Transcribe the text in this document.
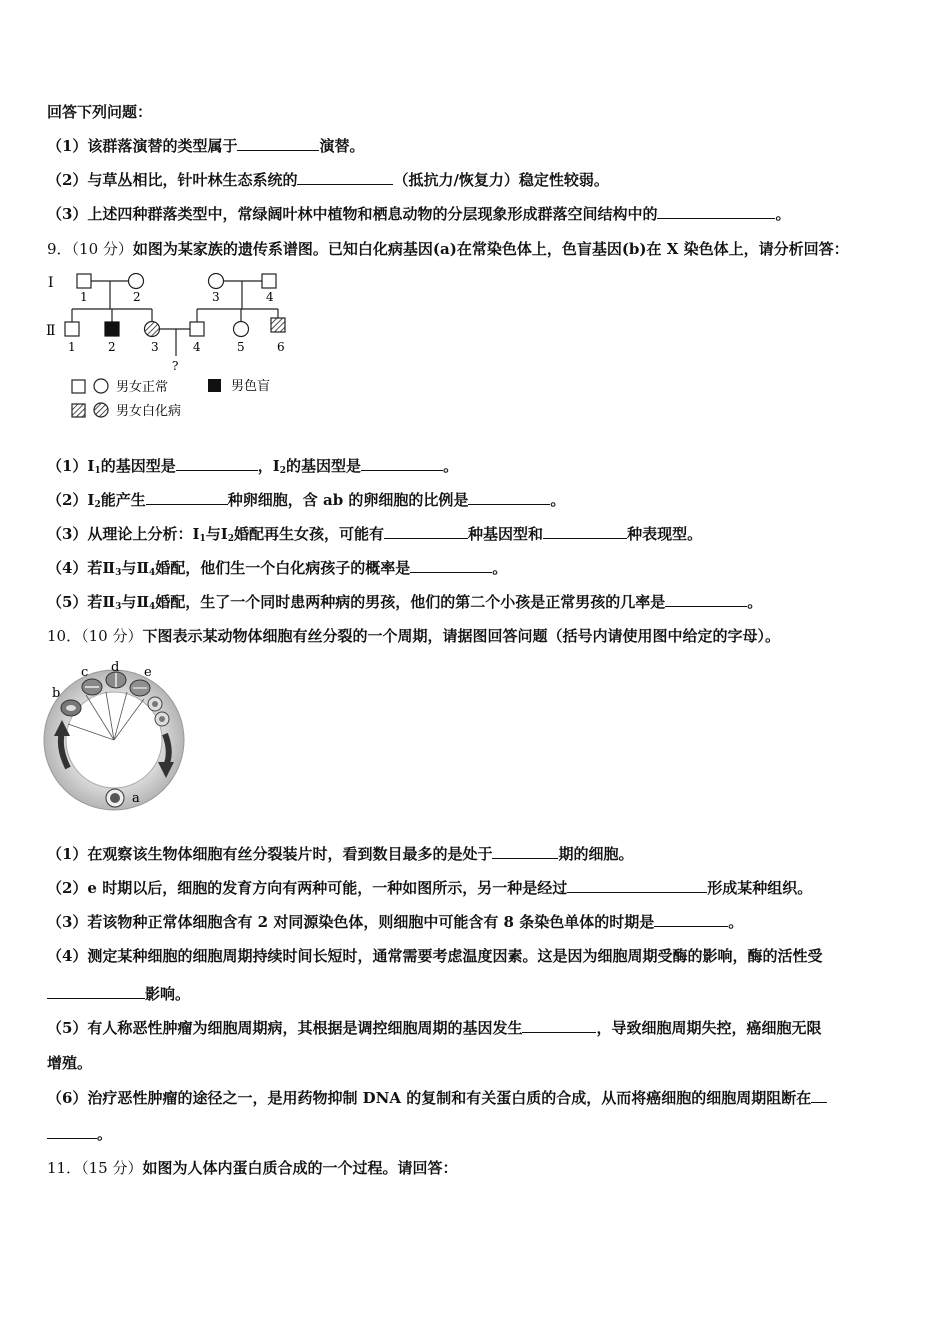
回答下列问题：
（1）该群落演替的类型属于	演替。
（2）与草丛相比，针叶林生态系统的	（抵抗力/恢复力）稳定性较弱。
（3）上述四种群落类型中，常绿阔叶林中植物和栖息动物的分层现象形成群落空间结构中的	。
9．（10 分）如图为某家族的遗传系谱图。已知白化病基因(a)在常染色体上，色盲基因(b)在 X 染色体上，请分析回答：
Ⅰ
Ⅱ
1	2	3	4
1	2	3	4	5	6
?
男女正常	男色盲
男女白化病
$(1)Ⅰ_1$的基因型是	，$Ⅰ_2$的基因型是	。
$(2)Ⅰ_2$能产生	种卵细胞，含 ab 的卵细胞的比例是	。
（3）从理论上分析：$Ⅰ_1$与$Ⅰ_2$婚配再生女孩，可能有	种基因型和	种表现型。
（4）若$Ⅱ_3$与$Ⅱ_4$婚配，他们生一个白化病孩子的概率是	。
（5）若$Ⅱ_3$与$Ⅱ_4$婚配，生了一个同时患两种病的男孩，他们的第二个小孩是正常男孩的几率是	。
10．（10 分）下图表示某动物体细胞有丝分裂的一个周期，请据图回答问题（括号内请使用图中给定的字母）。
b
c d e
a
（1）在观察该生物体细胞有丝分裂装片时，看到数目最多的是处于	期的细胞。
（2）e 时期以后，细胞的发育方向有两种可能，一种如图所示，另一种是经过	形成某种组织。
（3）若该物种正常体细胞含有 2 对同源染色体，则细胞中可能含有 8 条染色单体的时期是	。
（4）测定某种细胞的细胞周期持续时间长短时，通常需要考虑温度因素。这是因为细胞周期受酶的影响，酶的活性受
影响。
（5）有人称恶性肿瘤为细胞周期病，其根据是调控细胞周期的基因发生	，导致细胞周期失控，癌细胞无限
增殖。
（6）治疗恶性肿瘤的途径之一，是用药物抑制 DNA 的复制和有关蛋白质的合成，从而将癌细胞的细胞周期阻断在
。
11．（15 分）如图为人体内蛋白质合成的一个过程。请回答：
